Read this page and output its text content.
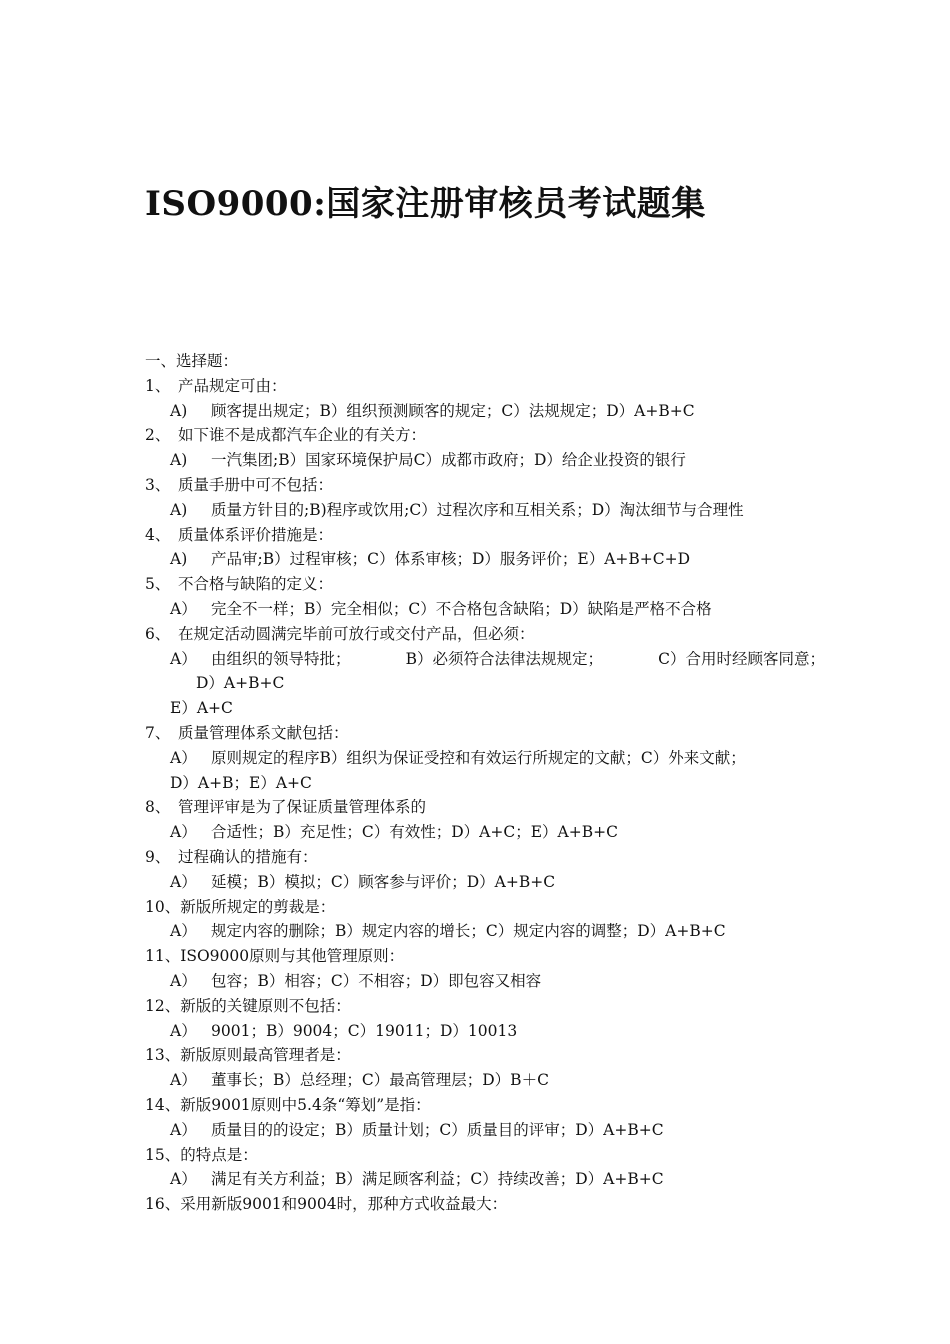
ISO9000:国家注册审核员考试题集
一、选择题：
1、 产品规定可由：
A) 顾客提出规定；B）组织预测顾客的规定；C）法规规定；D）A+B+C
2、 如下谁不是成都汽车企业的有关方：
A) 一汽集团;B）国家环境保护局C）成都市政府；D）给企业投资的银行
3、 质量手册中可不包括：
A) 质量方针目的;B)程序或饮用;C）过程次序和互相关系；D）淘汰细节与合理性
4、 质量体系评价措施是：
A) 产品审;B）过程审核；C）体系审核；D）服务评价；E）A+B+C+D
5、 不合格与缺陷的定义：
A） 完全不一样；B）完全相似；C）不合格包含缺陷；D）缺陷是严格不合格
6、 在规定活动圆满完毕前可放行或交付产品，但必须：
A） 由组织的领导特批；	B）必须符合法律法规规定；	C）合用时经顾客同意；
D）A+B+C
E）A+C
7、 质量管理体系文献包括：
A） 原则规定的程序B）组织为保证受控和有效运行所规定的文献；C）外来文献；
D）A+B；E）A+C
8、 管理评审是为了保证质量管理体系的
A） 合适性；B）充足性；C）有效性；D）A+C；E）A+B+C
9、 过程确认的措施有：
A） 延模；B）模拟；C）顾客参与评价；D）A+B+C
10、新版所规定的剪裁是：
A） 规定内容的删除；B）规定内容的增长；C）规定内容的调整；D）A+B+C
11、ISO9000原则与其他管理原则：
A） 包容；B）相容；C）不相容；D）即包容又相容
12、新版的关键原则不包括：
A） 9001；B）9004；C）19011；D）10013
13、新版原则最高管理者是：
A） 董事长；B）总经理；C）最高管理层；D）B＋C
14、新版9001原则中5.4条“筹划”是指：
A） 质量目的的设定；B）质量计划；C）质量目的评审；D）A+B+C
15、的特点是：
A） 满足有关方利益；B）满足顾客利益；C）持续改善；D）A+B+C
16、采用新版9001和9004时，那种方式收益最大：
